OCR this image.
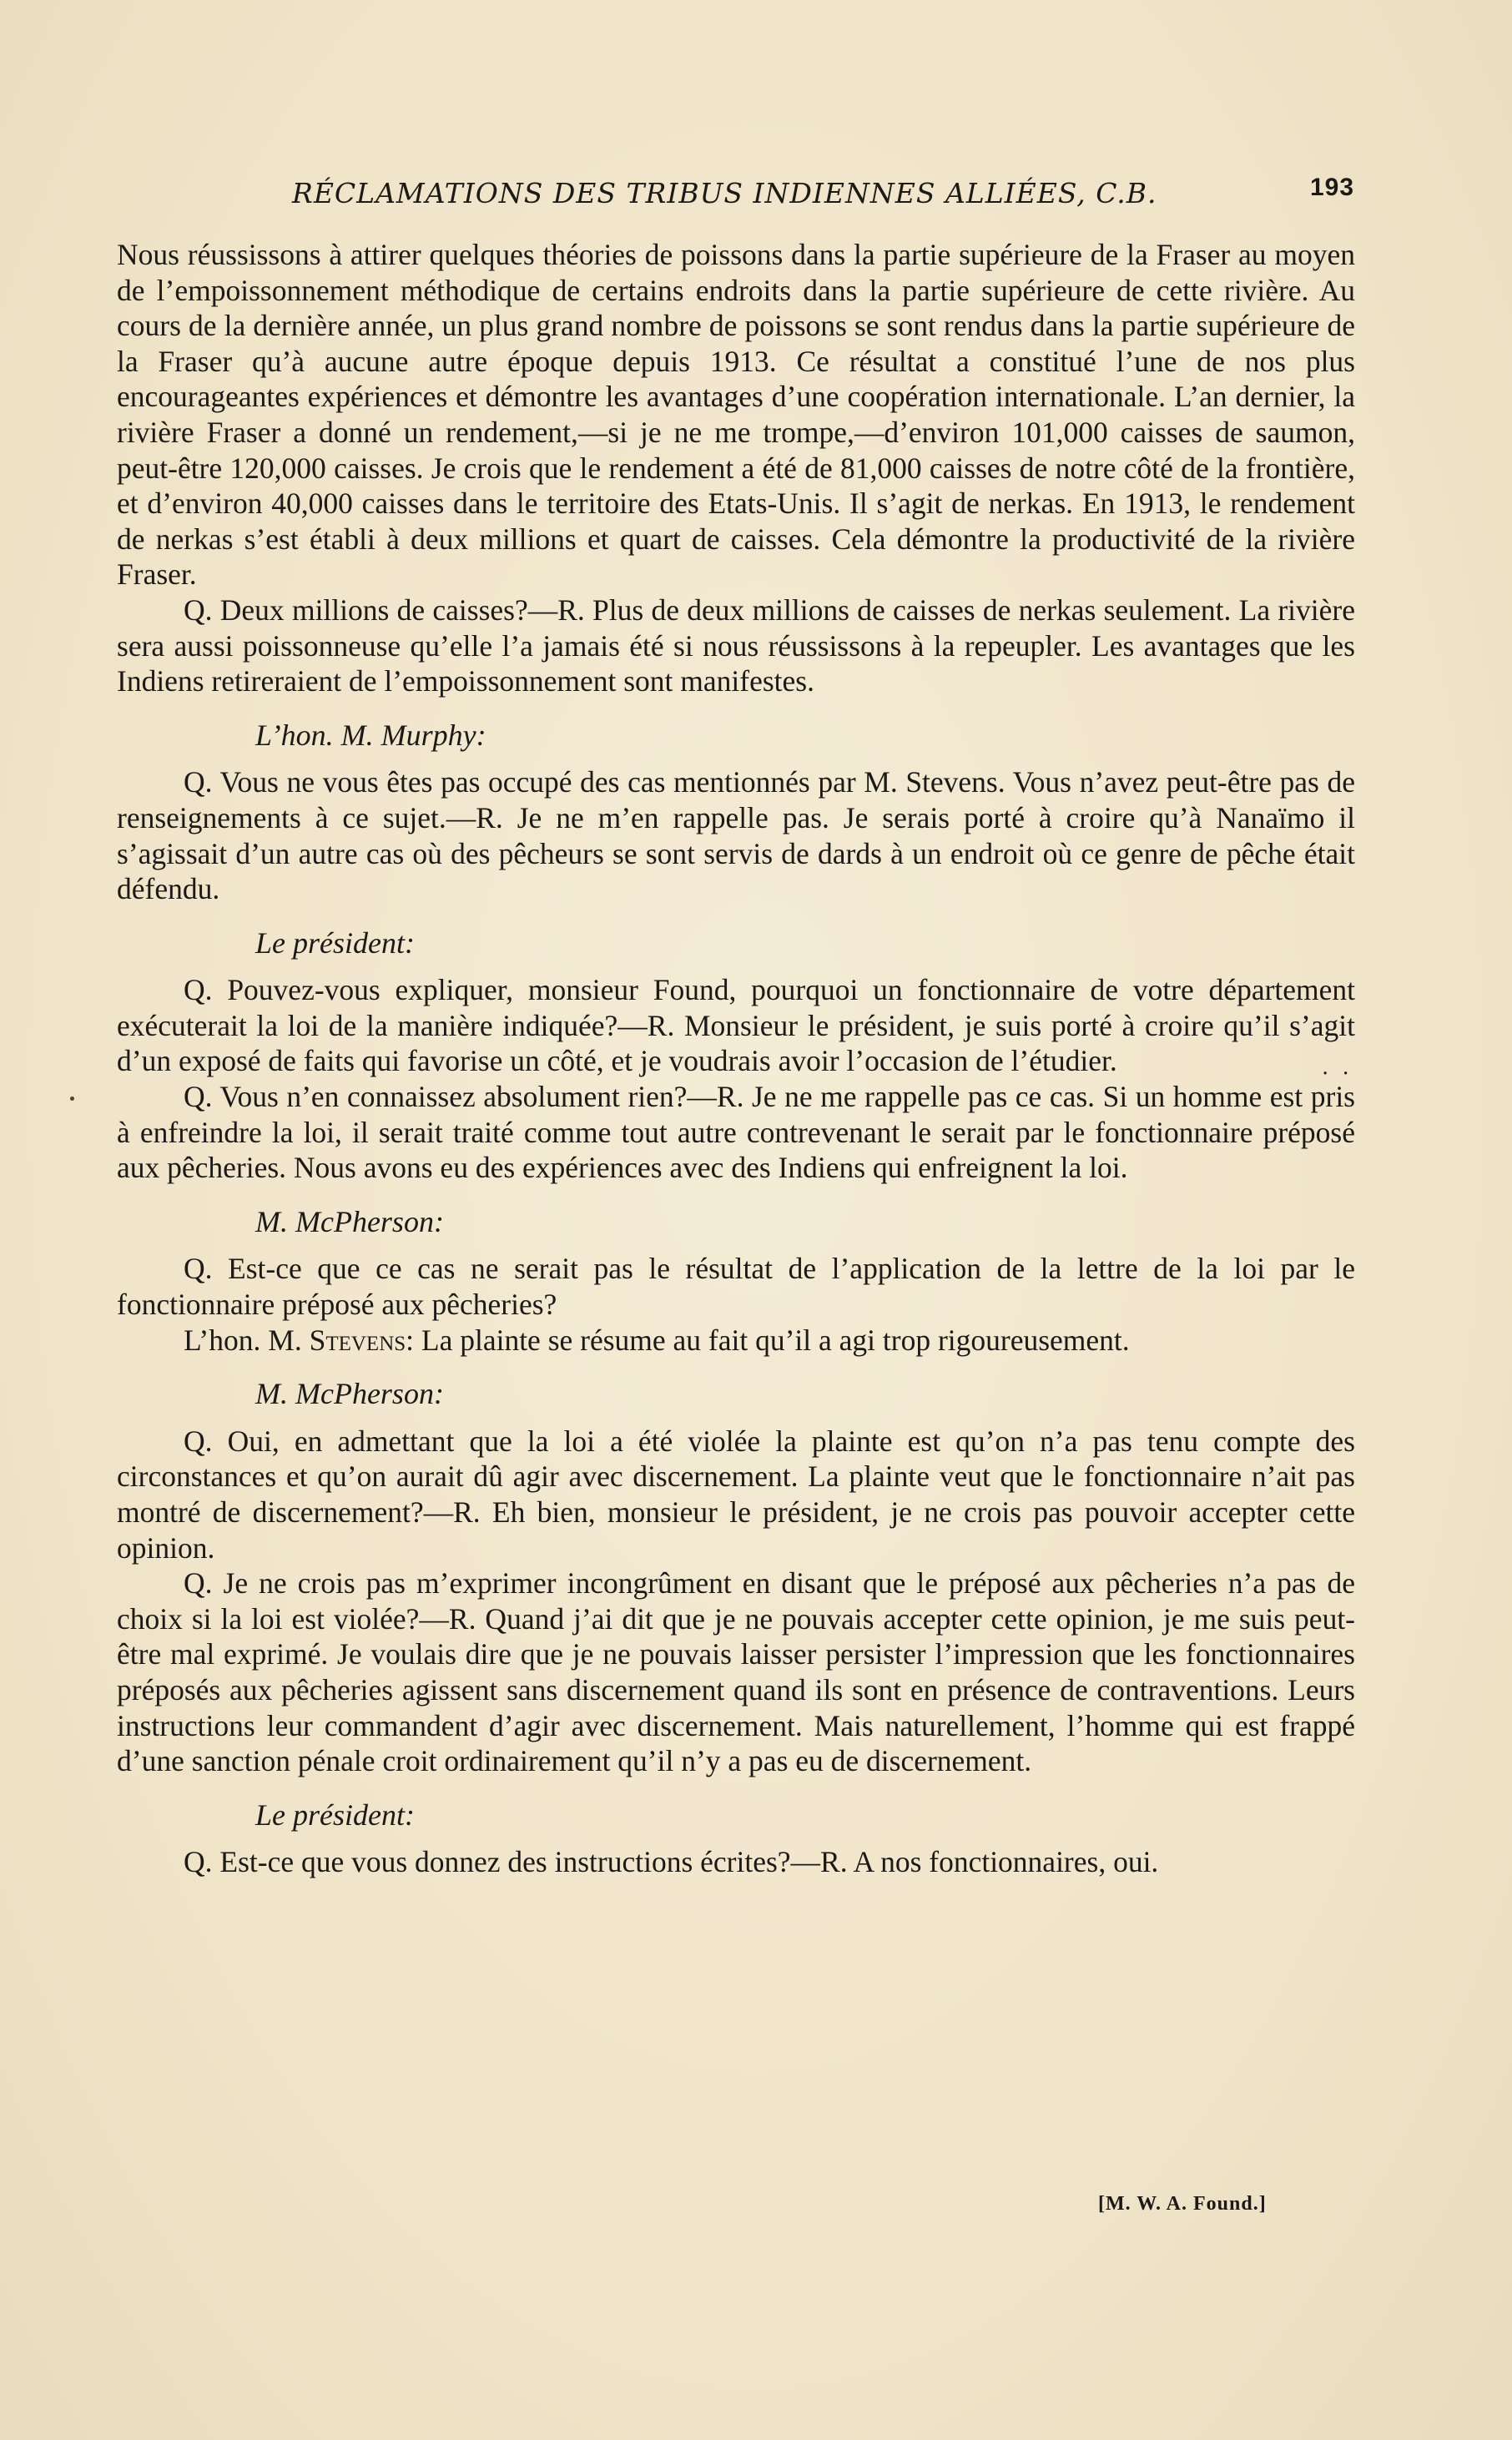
RÉCLAMATIONS DES TRIBUS INDIENNES ALLIÉES, C.B.	193

Nous réussissons à attirer quelques théories de poissons dans la partie supérieure de la Fraser au moyen de l’empoissonnement méthodique de certains endroits dans la partie supérieure de cette rivière. Au cours de la dernière année, un plus grand nombre de poissons se sont rendus dans la partie supérieure de la Fraser qu’à aucune autre époque depuis 1913. Ce résultat a constitué l’une de nos plus encourageantes expériences et démontre les avantages d’une coopération internationale. L’an dernier, la rivière Fraser a donné un rendement,—si je ne me trompe,—d’environ 101,000 caisses de saumon, peut-être 120,000 caisses. Je crois que le rendement a été de 81,000 caisses de notre côté de la frontière, et d’environ 40,000 caisses dans le territoire des Etats-Unis. Il s’agit de nerkas. En 1913, le rendement de nerkas s’est établi à deux millions et quart de caisses. Cela démontre la productivité de la rivière Fraser.

Q. Deux millions de caisses?—R. Plus de deux millions de caisses de nerkas seulement. La rivière sera aussi poissonneuse qu’elle l’a jamais été si nous réussissons à la repeupler. Les avantages que les Indiens retireraient de l’empoissonnement sont manifestes.

L’hon. M. Murphy:

Q. Vous ne vous êtes pas occupé des cas mentionnés par M. Stevens. Vous n’avez peut-être pas de renseignements à ce sujet.—R. Je ne m’en rappelle pas. Je serais porté à croire qu’à Nanaïmo il s’agissait d’un autre cas où des pêcheurs se sont servis de dards à un endroit où ce genre de pêche était défendu.

Le président:

Q. Pouvez-vous expliquer, monsieur Found, pourquoi un fonctionnaire de votre département exécuterait la loi de la manière indiquée?—R. Monsieur le président, je suis porté à croire qu’il s’agit d’un exposé de faits qui favorise un côté, et je voudrais avoir l’occasion de l’étudier.

Q. Vous n’en connaissez absolument rien?—R. Je ne me rappelle pas ce cas. Si un homme est pris à enfreindre la loi, il serait traité comme tout autre contrevenant le serait par le fonctionnaire préposé aux pêcheries. Nous avons eu des expériences avec des Indiens qui enfreignent la loi.

M. McPherson:

Q. Est-ce que ce cas ne serait pas le résultat de l’application de la lettre de la loi par le fonctionnaire préposé aux pêcheries?

L’hon. M. Stevens: La plainte se résume au fait qu’il a agi trop rigoureusement.

M. McPherson:

Q. Oui, en admettant que la loi a été violée la plainte est qu’on n’a pas tenu compte des circonstances et qu’on aurait dû agir avec discernement. La plainte veut que le fonctionnaire n’ait pas montré de discernement?—R. Eh bien, monsieur le président, je ne crois pas pouvoir accepter cette opinion.

Q. Je ne crois pas m’exprimer incongrûment en disant que le préposé aux pêcheries n’a pas de choix si la loi est violée?—R. Quand j’ai dit que je ne pouvais accepter cette opinion, je me suis peut-être mal exprimé. Je voulais dire que je ne pouvais laisser persister l’impression que les fonctionnaires préposés aux pêcheries agissent sans discernement quand ils sont en présence de contraventions. Leurs instructions leur commandent d’agir avec discernement. Mais naturellement, l’homme qui est frappé d’une sanction pénale croit ordinairement qu’il n’y a pas eu de discernement.

Le président:

Q. Est-ce que vous donnez des instructions écrites?—R. A nos fonctionnaires, oui.

. .
[M. W. A. Found.]
